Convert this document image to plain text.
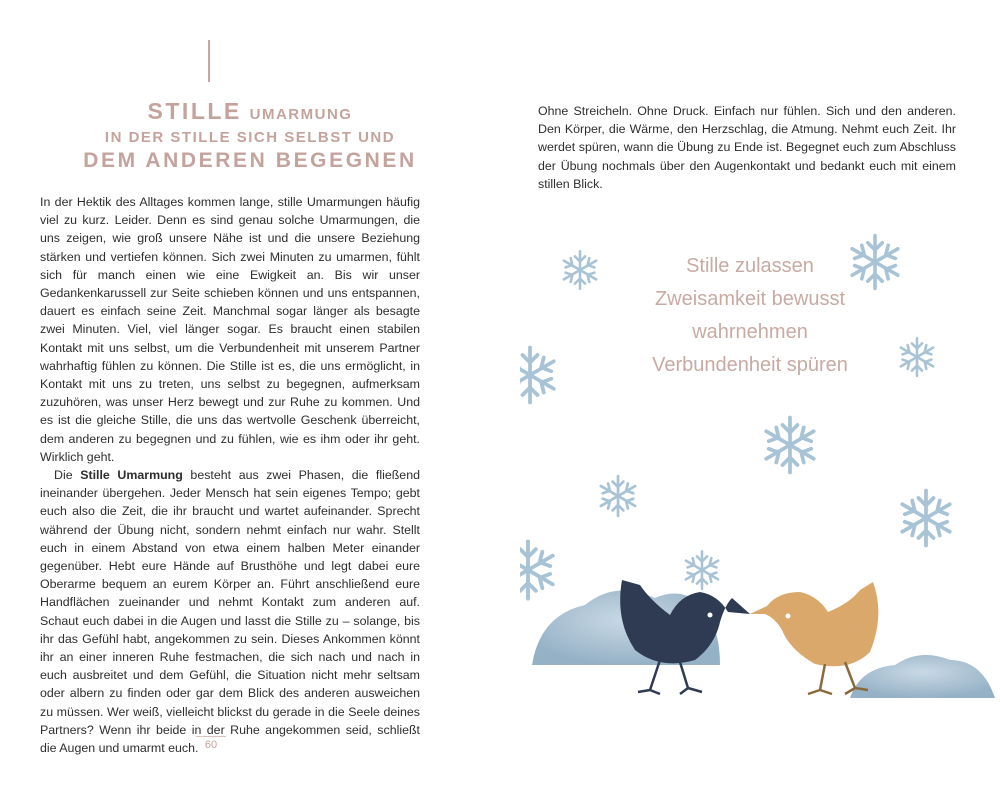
STILLE UMARMUNG
IN DER STILLE SICH SELBST UND
DEM ANDEREN BEGEGNEN

In der Hektik des Alltages kommen lange, stille Umarmungen häufig viel zu kurz. Leider. Denn es sind genau solche Umarmungen, die uns zeigen, wie groß unsere Nähe ist und die unsere Beziehung stärken und vertiefen können. Sich zwei Minuten zu umarmen, fühlt sich für manch einen wie eine Ewigkeit an. Bis wir unser Gedankenkarussell zur Seite schieben können und uns entspannen, dauert es einfach seine Zeit. Manchmal sogar länger als besagte zwei Minuten. Viel, viel länger sogar. Es braucht einen stabilen Kontakt mit uns selbst, um die Verbundenheit mit unserem Partner wahrhaftig fühlen zu können. Die Stille ist es, die uns ermöglicht, in Kontakt mit uns zu treten, uns selbst zu begegnen, aufmerksam zuzuhören, was unser Herz bewegt und zur Ruhe zu kommen. Und es ist die gleiche Stille, die uns das wertvolle Geschenk überreicht, dem anderen zu begegnen und zu fühlen, wie es ihm oder ihr geht. Wirklich geht.

Die Stille Umarmung besteht aus zwei Phasen, die fließend ineinander übergehen. Jeder Mensch hat sein eigenes Tempo; gebt euch also die Zeit, die ihr braucht und wartet aufeinander. Sprecht während der Übung nicht, sondern nehmt einfach nur wahr. Stellt euch in einem Abstand von etwa einem halben Meter einander gegenüber. Hebt eure Hände auf Brusthöhe und legt dabei eure Oberarme bequem an eurem Körper an. Führt anschließend eure Handflächen zueinander und nehmt Kontakt zum anderen auf. Schaut euch dabei in die Augen und lasst die Stille zu – solange, bis ihr das Gefühl habt, angekommen zu sein. Dieses Ankommen könnt ihr an einer inneren Ruhe festmachen, die sich nach und nach in euch ausbreitet und dem Gefühl, die Situation nicht mehr seltsam oder albern zu finden oder gar dem Blick des anderen ausweichen zu müssen. Wer weiß, vielleicht blickst du gerade in die Seele deines Partners? Wenn ihr beide in der Ruhe angekommen seid, schließt die Augen und umarmt euch. 60

Ohne Streicheln. Ohne Druck. Einfach nur fühlen. Sich und den anderen. Den Körper, die Wärme, den Herzschlag, die Atmung. Nehmt euch Zeit. Ihr werdet spüren, wann die Übung zu Ende ist. Begegnet euch zum Abschluss der Übung nochmals über den Augenkontakt und bedankt euch mit einem stillen Blick.

Stille zulassen
Zweisamkeit bewusst
wahrnehmen
Verbundenheit spüren
